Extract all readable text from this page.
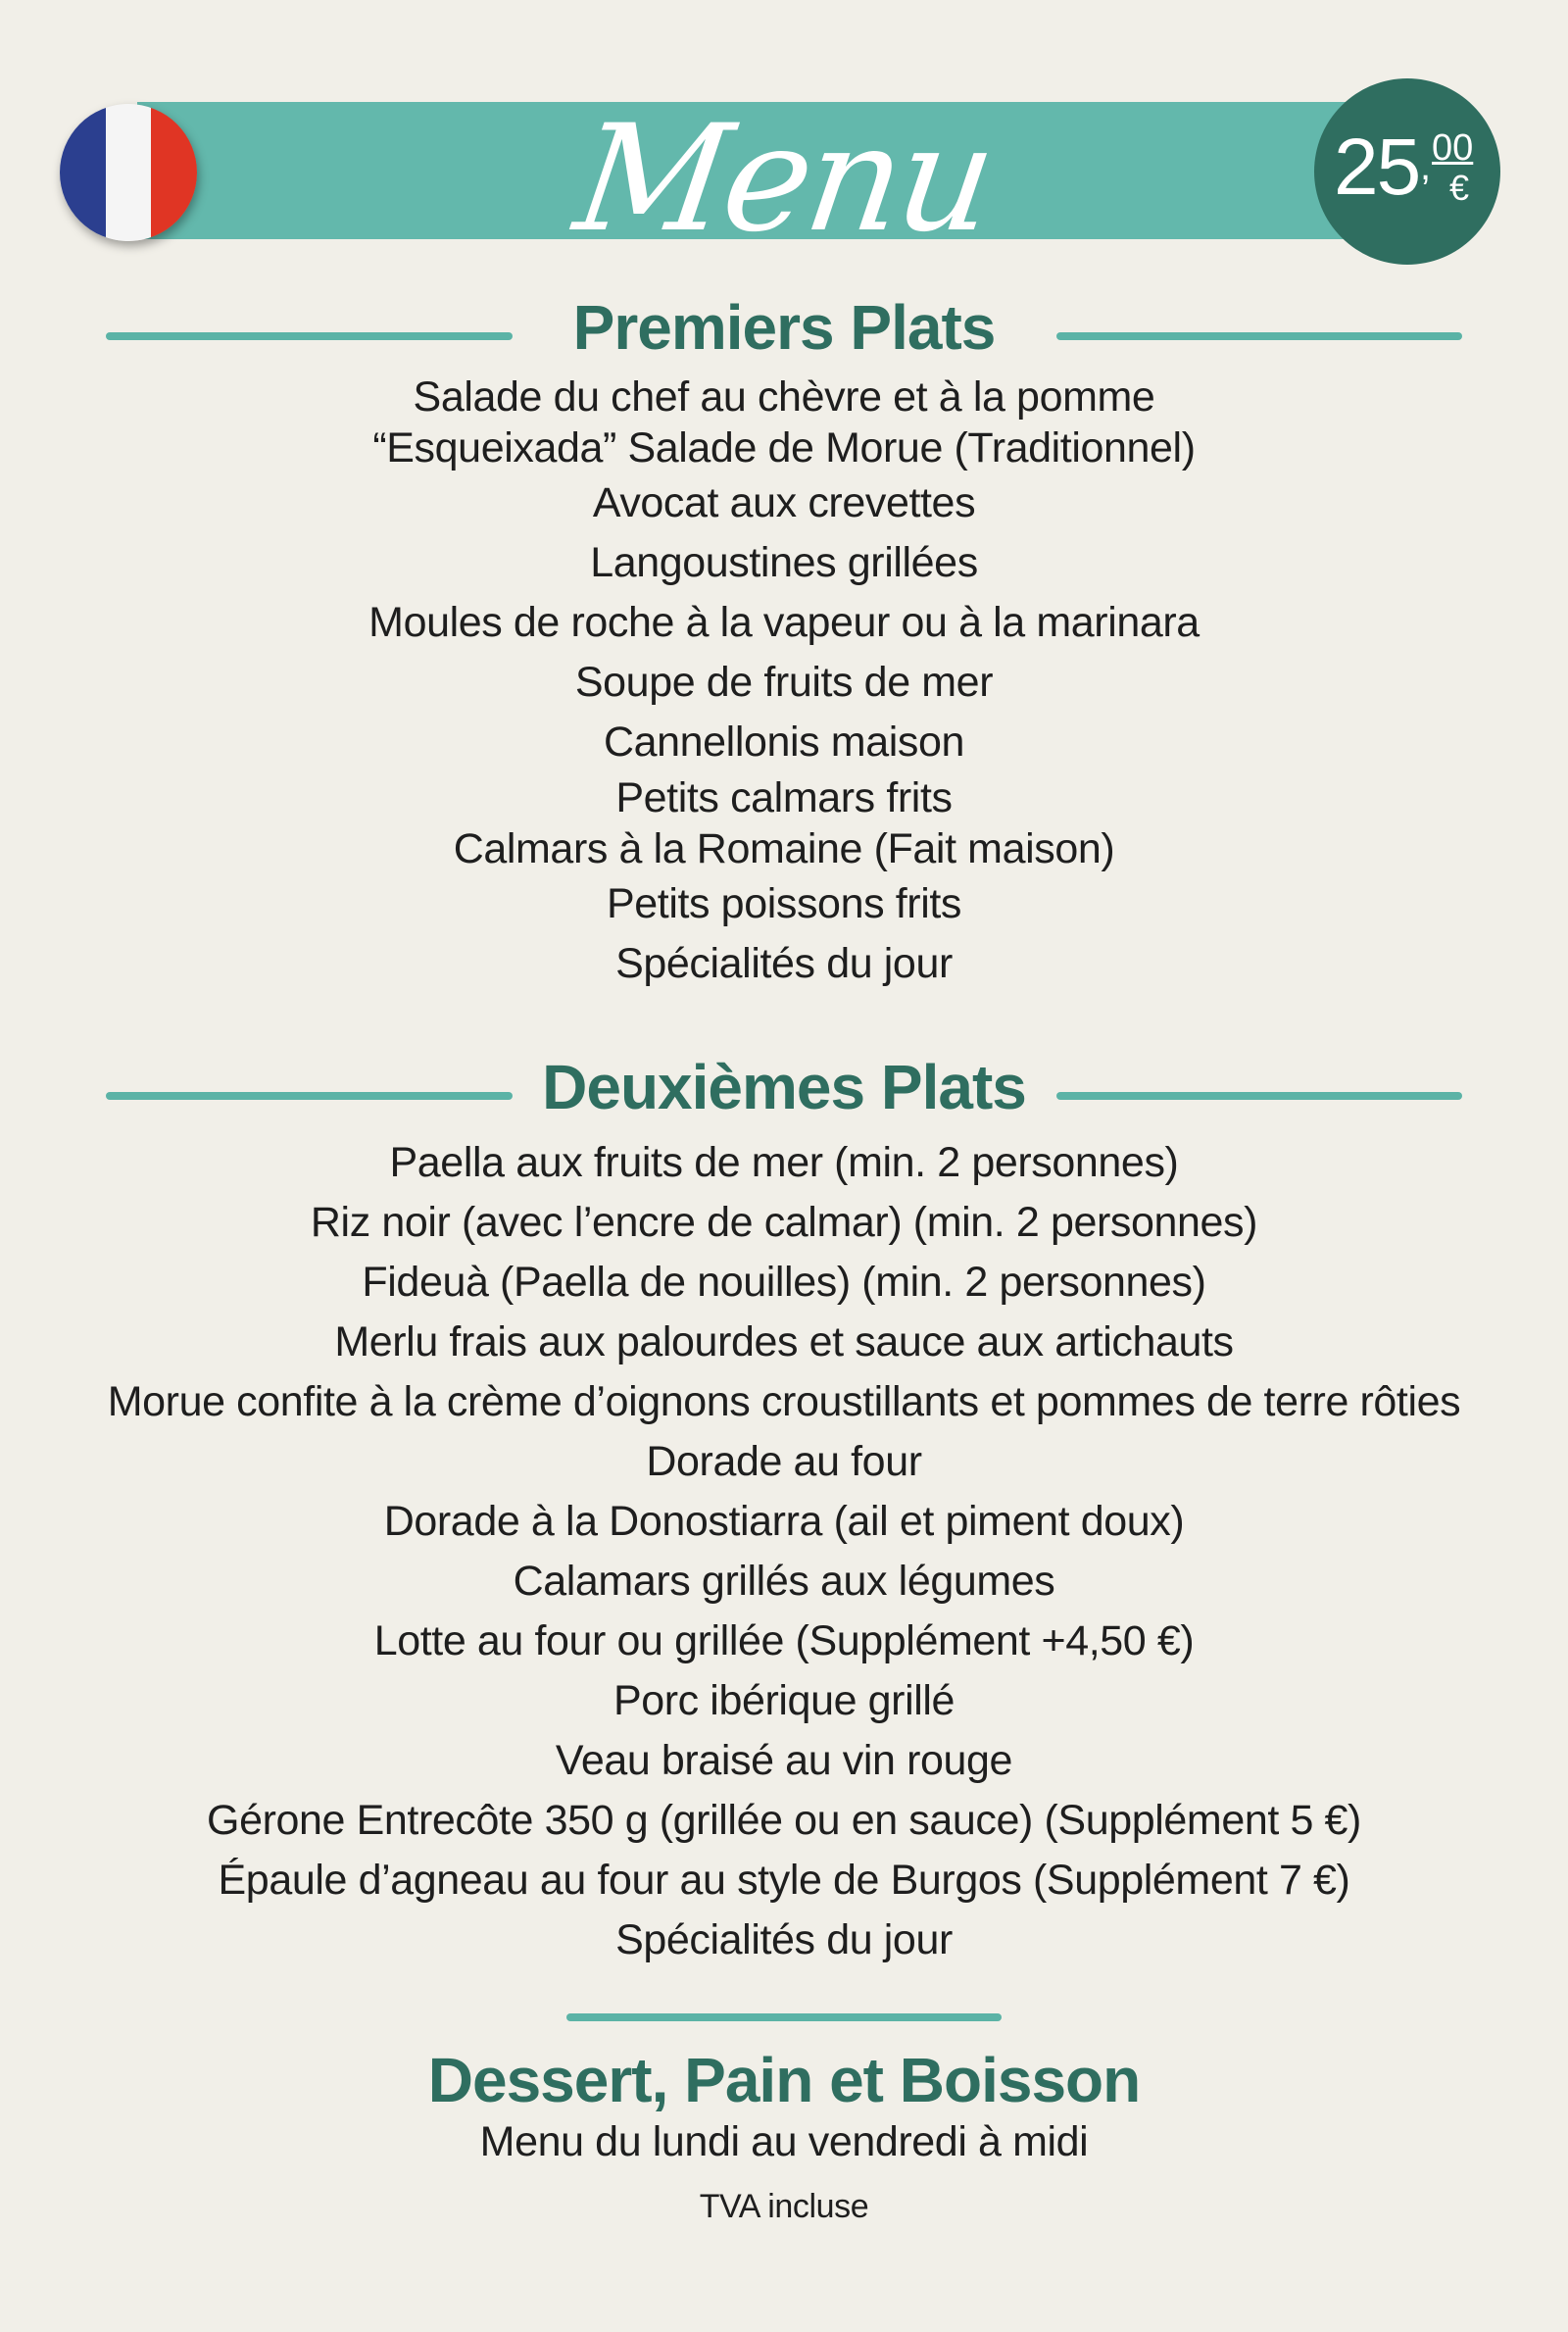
Menu	25 , 00
€
Premiers Plats
Salade du chef au chèvre et à la pomme
“Esqueixada” Salade de Morue (Traditionnel)
Avocat aux crevettes
Langoustines grillées
Moules de roche à la vapeur ou à la marinara
Soupe de fruits de mer
Cannellonis maison
Petits calmars frits
Calmars à la Romaine (Fait maison)
Petits poissons frits
Spécialités du jour
Deuxièmes Plats
Paella aux fruits de mer (min. 2 personnes)
Riz noir (avec l’encre de calmar) (min. 2 personnes)
Fideuà (Paella de nouilles) (min. 2 personnes)
Merlu frais aux palourdes et sauce aux artichauts
Morue confite à la crème d’oignons croustillants et pommes de terre rôties
Dorade au four
Dorade à la Donostiarra (ail et piment doux)
Calamars grillés aux légumes
Lotte au four ou grillée (Supplément +4,50 €)
Porc ibérique grillé
Veau braisé au vin rouge
Gérone Entrecôte 350 g (grillée ou en sauce) (Supplément 5 €)
Épaule d’agneau au four au style de Burgos (Supplément 7 €)
Spécialités du jour
Dessert, Pain et Boisson
Menu du lundi au vendredi à midi
TVA incluse
